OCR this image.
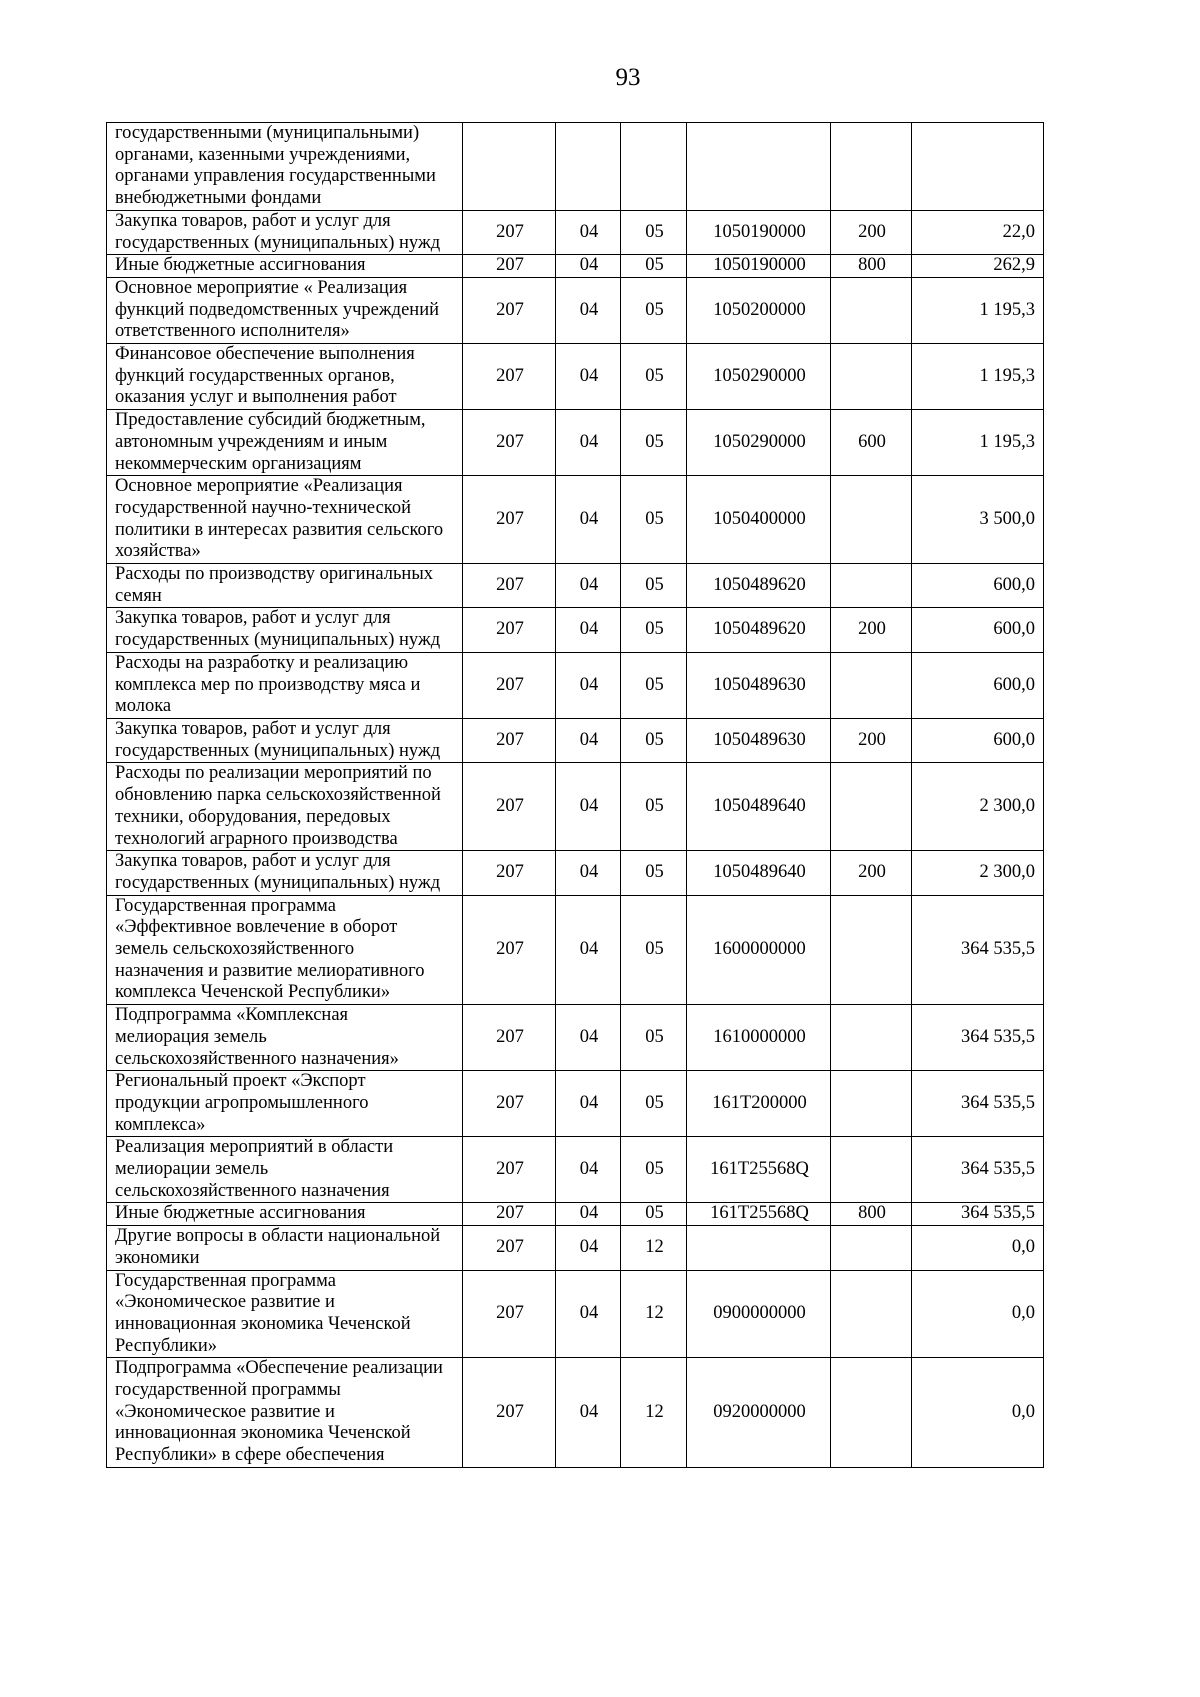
93
государственными (муниципальными)
органами, казенными учреждениями,
органами управления государственными
внебюджетными фондами						
Закупка товаров, работ и услуг для
государственных (муниципальных) нужд	207	04	05	1050190000	200	22,0
Иные бюджетные ассигнования	207	04	05	1050190000	800	262,9
Основное мероприятие « Реализация
функций подведомственных учреждений
ответственного исполнителя»	207	04	05	1050200000		1 195,3
Финансовое обеспечение выполнения
функций государственных органов,
оказания услуг и выполнения работ	207	04	05	1050290000		1 195,3
Предоставление субсидий бюджетным,
автономным учреждениям и иным
некоммерческим организациям	207	04	05	1050290000	600	1 195,3
Основное мероприятие «Реализация
государственной научно-технической
политики в интересах развития сельского
хозяйства»	207	04	05	1050400000		3 500,0
Расходы по производству оригинальных
семян	207	04	05	1050489620		600,0
Закупка товаров, работ и услуг для
государственных (муниципальных) нужд	207	04	05	1050489620	200	600,0
Расходы на разработку и реализацию
комплекса мер по производству мяса и
молока	207	04	05	1050489630		600,0
Закупка товаров, работ и услуг для
государственных (муниципальных) нужд	207	04	05	1050489630	200	600,0
Расходы по реализации мероприятий по
обновлению парка сельскохозяйственной
техники, оборудования, передовых
технологий аграрного производства	207	04	05	1050489640		2 300,0
Закупка товаров, работ и услуг для
государственных (муниципальных) нужд	207	04	05	1050489640	200	2 300,0
Государственная программа
«Эффективное вовлечение в оборот
земель сельскохозяйственного
назначения и развитие мелиоративного
комплекса Чеченской Республики»	207	04	05	1600000000		364 535,5
Подпрограмма «Комплексная
мелиорация земель
сельскохозяйственного назначения»	207	04	05	1610000000		364 535,5
Региональный проект «Экспорт
продукции агропромышленного
комплекса»	207	04	05	161T200000		364 535,5
Реализация мероприятий в области
мелиорации земель
сельскохозяйственного назначения	207	04	05	161T25568Q		364 535,5
Иные бюджетные ассигнования	207	04	05	161T25568Q	800	364 535,5
Другие вопросы в области национальной
экономики	207	04	12			0,0
Государственная программа
«Экономическое развитие и
инновационная экономика Чеченской
Республики»	207	04	12	0900000000		0,0
Подпрограмма «Обеспечение реализации
государственной программы
«Экономическое развитие и
инновационная экономика Чеченской
Республики» в сфере обеспечения	207	04	12	0920000000		0,0
